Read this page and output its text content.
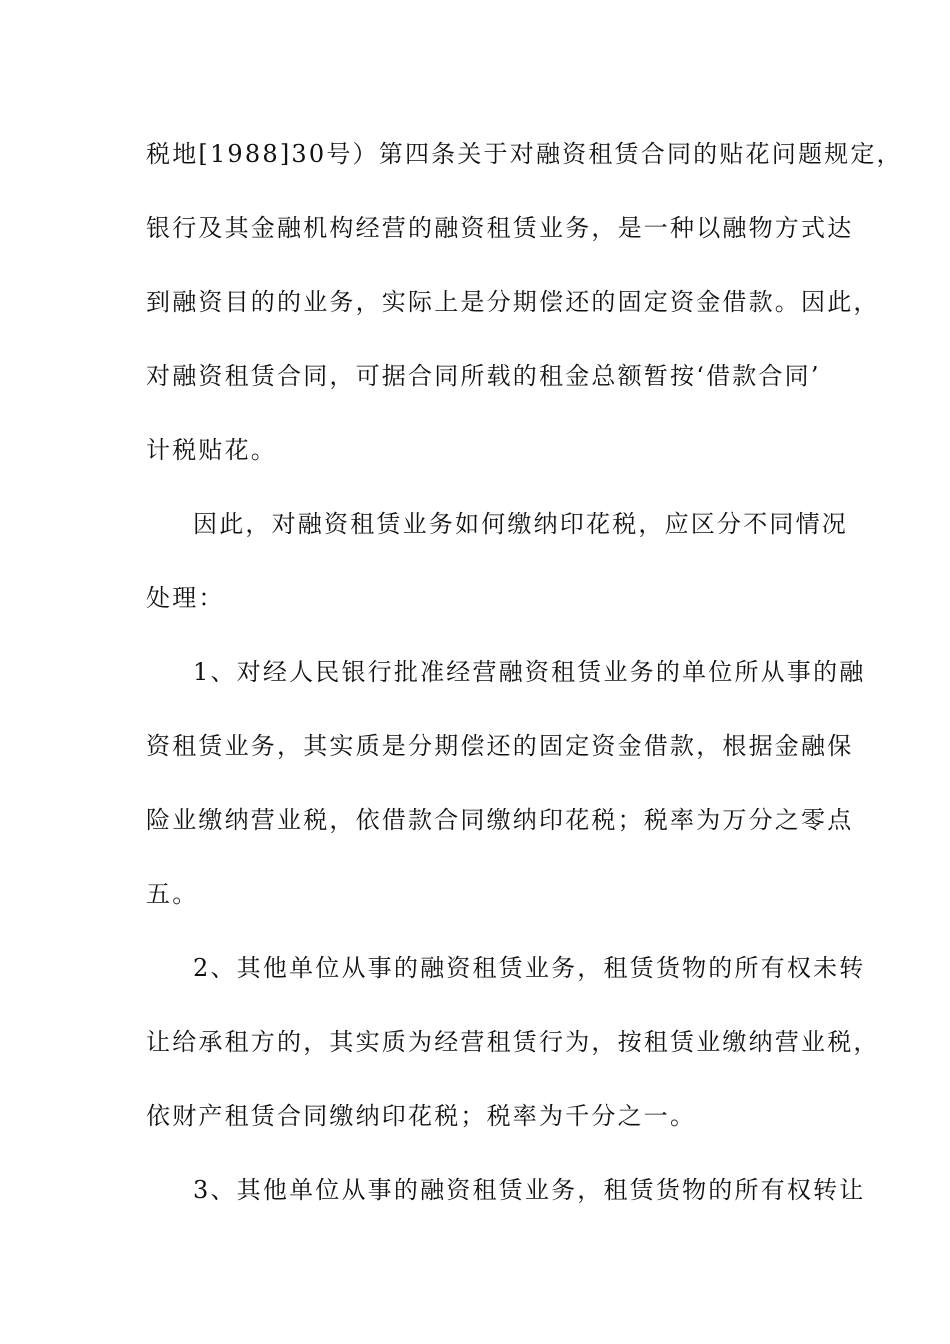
税地[1988]30号）第四条关于对融资租赁合同的贴花问题规定，
银行及其金融机构经营的融资租赁业务，是一种以融物方式达
到融资目的的业务，实际上是分期偿还的固定资金借款。因此，
对融资租赁合同，可据合同所载的租金总额暂按‘借款合同’
计税贴花。
因此，对融资租赁业务如何缴纳印花税，应区分不同情况
处理：
1、对经人民银行批准经营融资租赁业务的单位所从事的融
资租赁业务，其实质是分期偿还的固定资金借款，根据金融保
险业缴纳营业税，依借款合同缴纳印花税；税率为万分之零点
五。
2、其他单位从事的融资租赁业务，租赁货物的所有权未转
让给承租方的，其实质为经营租赁行为，按租赁业缴纳营业税，
依财产租赁合同缴纳印花税；税率为千分之一。
3、其他单位从事的融资租赁业务，租赁货物的所有权转让
